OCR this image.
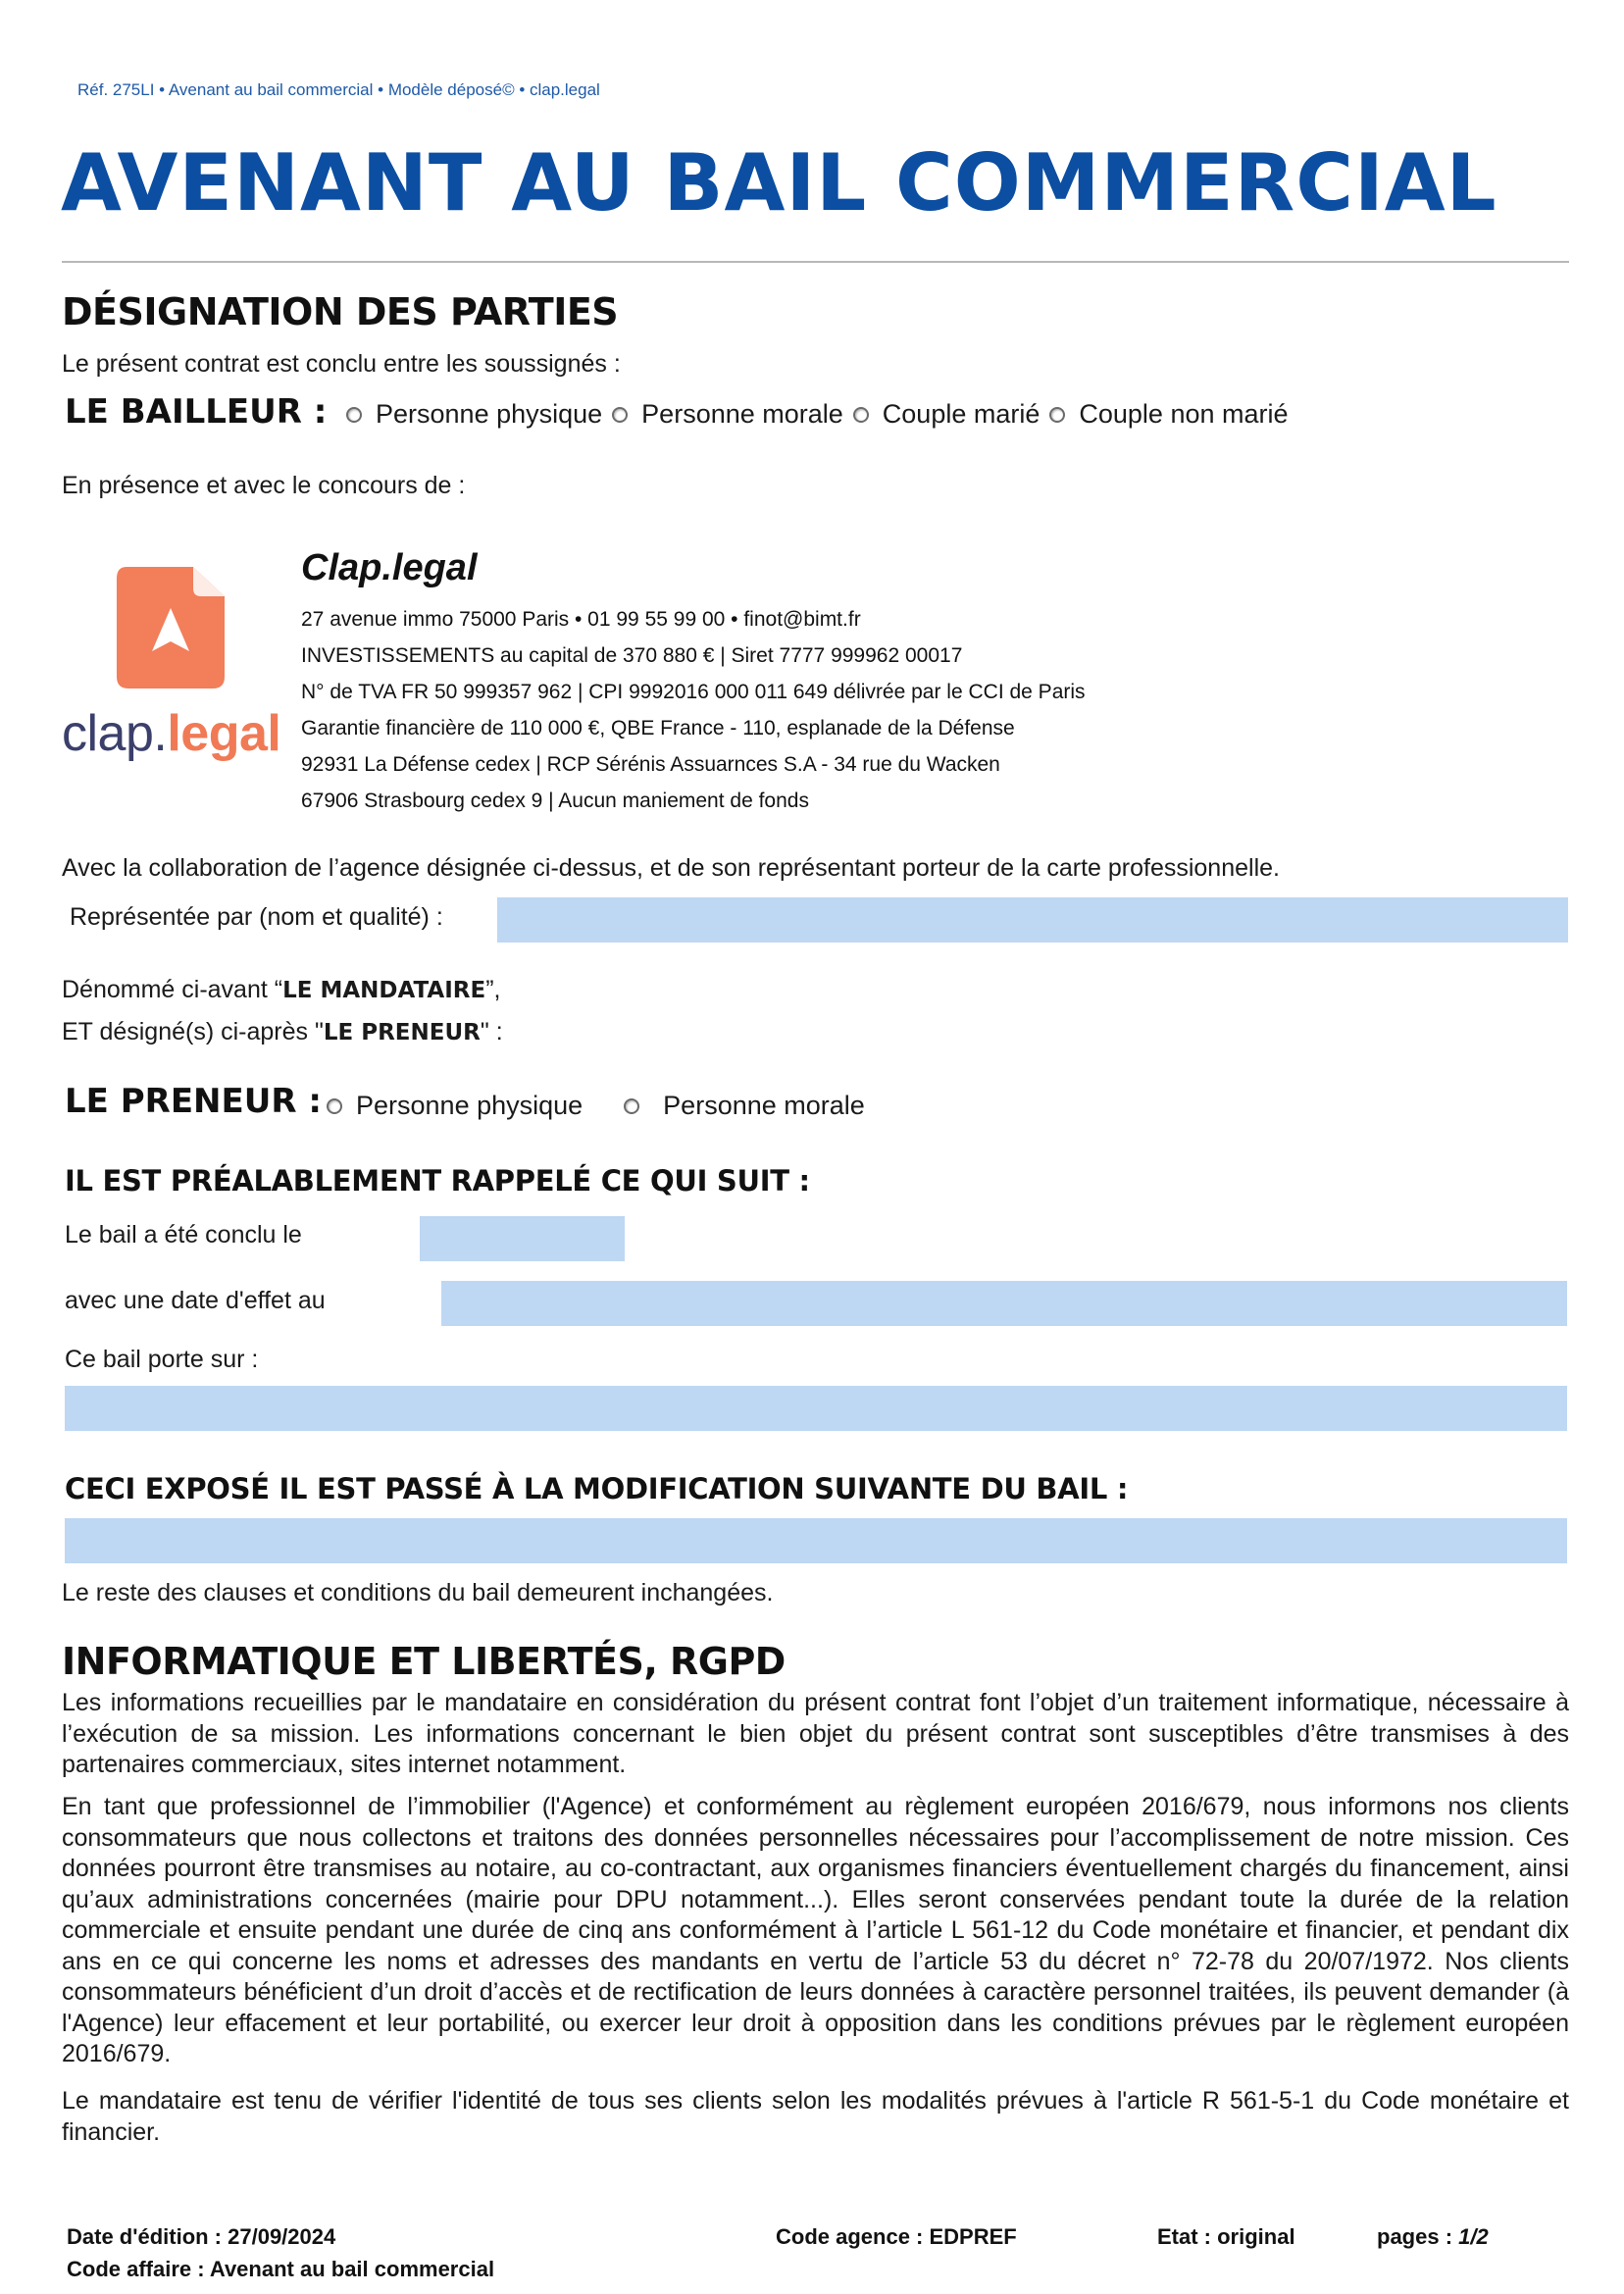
Réf. 275LI • Avenant au bail commercial • Modèle déposé© • clap.legal
AVENANT AU BAIL COMMERCIAL
DÉSIGNATION DES PARTIES
Le présent contrat est conclu entre les soussignés :
LE BAILLEUR : Personne physique Personne morale Couple marié Couple non marié
En présence et avec le concours de :
clap.legal
Clap.legal
27 avenue immo 75000 Paris • 01 99 55 99 00 • finot@bimt.fr
INVESTISSEMENTS au capital de 370 880 € | Siret 7777 999962 00017
N° de TVA FR 50 999357 962 | CPI 9992016 000 011 649 délivrée par le CCI de Paris
Garantie financière de 110 000 €, QBE France - 110, esplanade de la Défense
92931 La Défense cedex | RCP Sérénis Assuarnces S.A - 34 rue du Wacken
67906 Strasbourg cedex 9 | Aucun maniement de fonds
Avec la collaboration de l’agence désignée ci-dessus, et de son représentant porteur de la carte professionnelle.
Représentée par (nom et qualité) :
Dénommé ci-avant “LE MANDATAIRE”,
ET désigné(s) ci-après "LE PRENEUR" :
LE PRENEUR : Personne physique	Personne morale
IL EST PRÉALABLEMENT RAPPELÉ CE QUI SUIT :
Le bail a été conclu le
avec une date d'effet au
Ce bail porte sur :
CECI EXPOSÉ IL EST PASSÉ À LA MODIFICATION SUIVANTE DU BAIL :
Le reste des clauses et conditions du bail demeurent inchangées.
INFORMATIQUE ET LIBERTÉS, RGPD
Les informations recueillies par le mandataire en considération du présent contrat font l’objet d’un traitement informatique, nécessaire à l’exécution de sa mission. Les informations concernant le bien objet du présent contrat sont susceptibles d’être transmises à des partenaires commerciaux, sites internet notamment.
En tant que professionnel de l’immobilier (l'Agence) et conformément au règlement européen 2016/679, nous informons nos clients consommateurs que nous collectons et traitons des données personnelles nécessaires pour l’accomplissement de notre mission. Ces données pourront être transmises au notaire, au co-contractant, aux organismes financiers éventuellement chargés du financement, ainsi qu’aux administrations concernées (mairie pour DPU notamment...). Elles seront conservées pendant toute la durée de la relation commerciale et ensuite pendant une durée de cinq ans conformément à l’article L 561-12 du Code monétaire et financier, et pendant dix ans en ce qui concerne les noms et adresses des mandants en vertu de l’article 53 du décret n° 72-78 du 20/07/1972. Nos clients consommateurs bénéficient d’un droit d’accès et de rectification de leurs données à caractère personnel traitées, ils peuvent demander (à l'Agence) leur effacement et leur portabilité, ou exercer leur droit à opposition dans les conditions prévues par le règlement européen 2016/679.
Le mandataire est tenu de vérifier l'identité de tous ses clients selon les modalités prévues à l'article R 561-5-1 du Code monétaire et financier.
Date d'édition : 27/09/2024
Code affaire : Avenant au bail commercial
Code agence : EDPREF	Etat : original	pages : 1/2
